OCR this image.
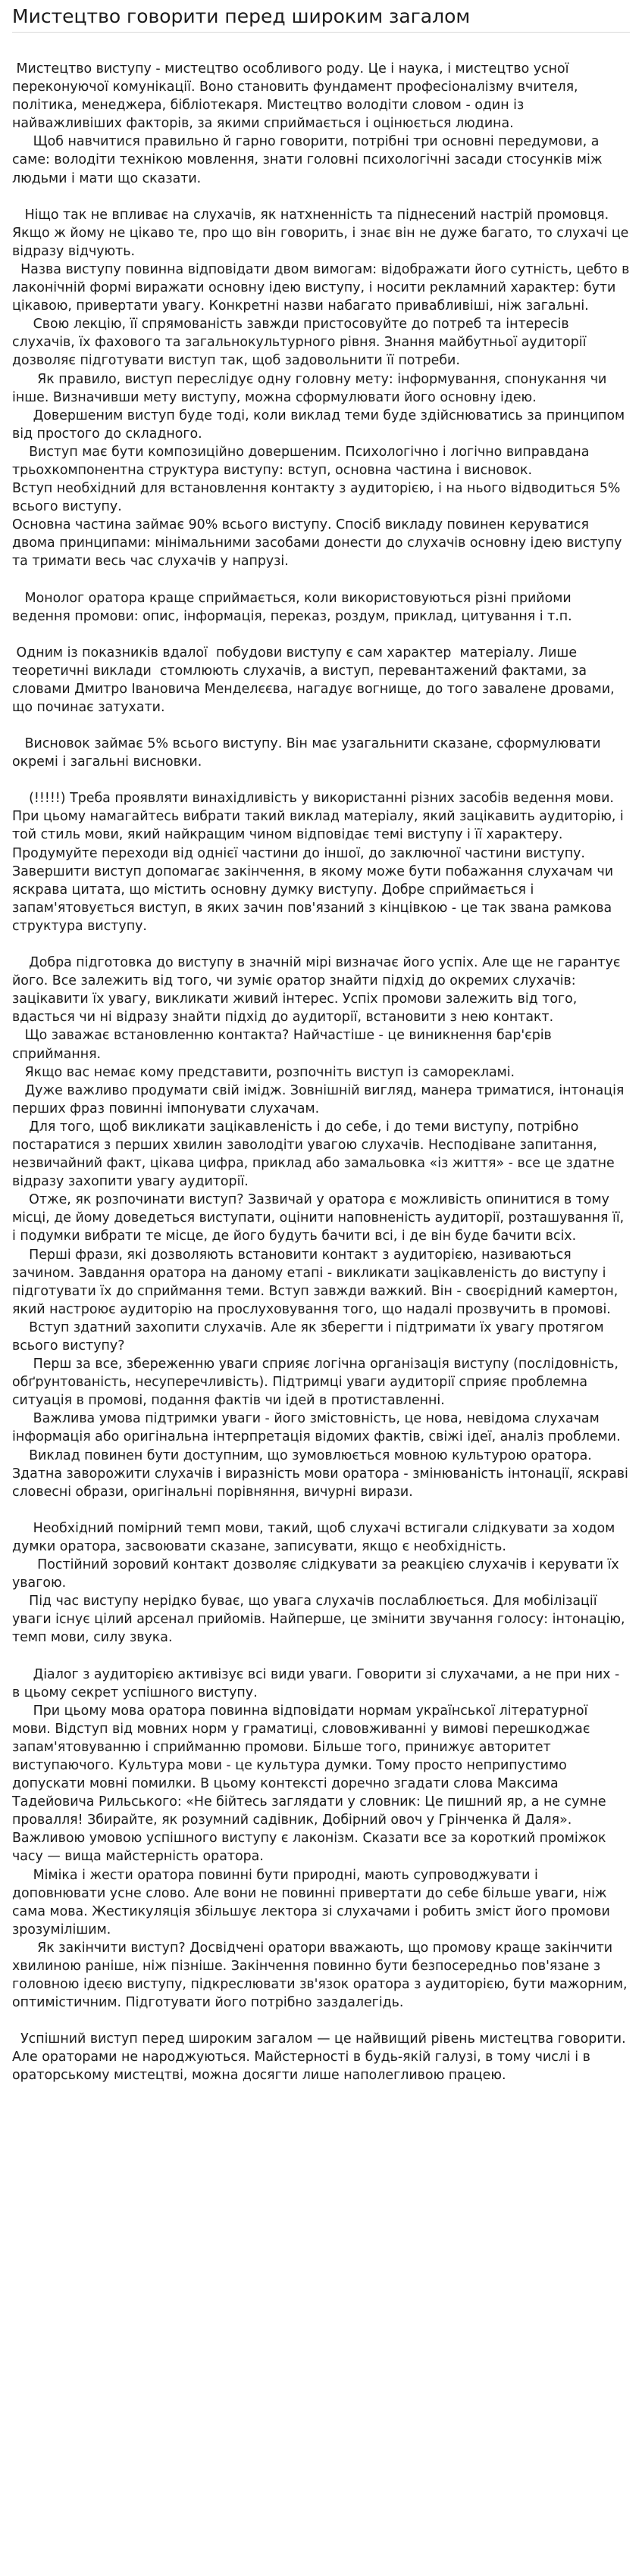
Мистецтво говорити перед широким загалом

Мистецтво виступу - мистецтво особливого роду. Це і наука, і мистецтво усної переконуючої комунікації. Воно становить фундамент професіоналізму вчителя, політика, менеджера, бібліотекаря. Мистецтво володіти словом - один із найважливіших факторів, за якими сприймається і оцінюється людина.

Щоб навчитися правильно й гарно говорити, потрібні три основні передумови, а саме: володіти технікою мовлення, знати головні психологічні засади стосунків між людьми і мати що сказати.

Ніщо так не впливає на слухачів, як натхненність та піднесений настрій промовця. Якщо ж йому не цікаво те, про що він говорить, і знає він не дуже багато, то слухачі це відразу відчують.

Назва виступу повинна відповідати двом вимогам: відображати його сутність, цебто в лаконічній формі виражати основну ідею виступу, і носити рекламний характер: бути цікавою, привертати увагу. Конкретні назви набагато привабливіші, ніж загальні.

Свою лекцію, її спрямованість завжди пристосовуйте до потреб та інтересів слухачів, їх фахового та загальнокультурного рівня. Знання майбутньої аудиторії дозволяє підготувати виступ так, щоб задовольнити її потреби.

Як правило, виступ переслідує одну головну мету: інформування, спонукання чи інше. Визначивши мету виступу, можна сформулювати його основну ідею.

Довершеним виступ буде тоді, коли виклад теми буде здійснюватись за принципом від простого до складного.

Виступ має бути композиційно довершеним. Психологічно і логічно виправдана трьохкомпонентна структура виступу: вступ, основна частина і висновок.

Вступ необхідний для встановлення контакту з аудиторією, і на нього відводиться 5% всього виступу.

Основна частина займає 90% всього виступу. Спосіб викладу повинен керуватися двома принципами: мінімальними засобами донести до слухачів основну ідею виступу та тримати весь час слухачів у напрузі.

Монолог оратора краще сприймається, коли використовуються різні прийоми ведення промови: опис, інформація, переказ, роздум, приклад, цитування і т.п.

Одним із показників вдалої  побудови виступу є сам характер  матеріалу. Лише теоретичні виклади  стомлюють слухачів, а виступ, перевантажений фактами, за словами Дмитро Івановича Менделєєва, нагадує вогнище, до того завалене дровами, що починає затухати.

Висновок займає 5% всього виступу. Він має узагальнити сказане, сформулювати окремі і загальні висновки.

(!!!!!) Треба проявляти винахідливість у використанні різних засобів ведення мови. При цьому намагайтесь вибрати такий виклад матеріалу, який зацікавить аудиторію, і той стиль мови, який найкращим чином відповідає темі виступу і її характеру. Продумуйте переходи від однієї частини до іншої, до заключної частини виступу. Завершити виступ допомагає закінчення, в якому може бути побажання слухачам чи яскрава цитата, що містить основну думку виступу. Добре сприймається і запам'ятовується виступ, в якиx зачин пов'язаний з кінцівкою - це так звана рамкова структура виступу.

Добра підготовка до виступу в значній мірі визначає його успіх. Але ще не гарантує його. Все залежить від того, чи зуміє оратор знайти підхід до окремих слухачів: зацікавити їх увагу, викликати живий інтерес. Успіх промови залежить від того, вдасться чи ні відразу знайти підхід до аудиторії, встановити з нею контакт.

Що заважає встановленню контакта? Найчастіше - це виникнення бар'єрів сприймання.

Якщо вас немає кому представити, розпочніть виступ із саморекламі.

Дуже важливо продумати свій імідж. Зовнішній вигляд, манера триматися, інтонація перших фраз повинні імпонувати слухачам.

Для того, щоб викликати зацікавленість і до себе, і до теми виступу, потрібно постаратися з перших хвилин заволодіти увагою слухачів. Несподіване запитання, незвичайний факт, цікава цифра, приклад або замальовка «із життя» - все це здатне відразу захопити увагу аудиторії.

Отже, як розпочинати виступ? Зазвичай у оратора є можливість опинитися в тому місці, де йому доведеться виступати, оцінити наповненість аудиторії, розташування її, і подумки вибрати те місце, де його будуть бачити всі, і де він буде бачити всіх.

Перші фрази, які дозволяють встановити контакт з аудиторією, називаються зачином. Завдання оратора на даному етапі - викликати зацікавленість до виступу і підготувати їх до сприймання теми. Вступ завжди важкий. Він - своєрідний камертон, який настроює аудиторію на прослуховування того, що надалі прозвучить в промові.

Вступ здатний захопити слухачів. Але як зберегти і підтримати їх увагу протягом всього виступу?

Перш за все, збереженню уваги сприяє логічна організація виступу (послідовність, обґрунтованість, несуперечливість). Підтримці уваги аудиторії сприяє проблемна ситуація в промові, подання фактів чи ідей в протиставленні.

Важлива умова підтримки уваги - його змістовність, це нова, невідома слухачам інформація або оригінальна інтерпретація відомих фактів, свіжі ідеї, аналіз проблеми.

Виклад повинен бути доступним, що зумовлюється мовною культурою оратора.

Здатна заворожити слухачів і виразність мови оратора - змінюваність інтонації, яскраві словесні образи, оригінальні порівняння, вичурні вирази.

Необхідний помірний темп мови, такий, щоб слухачі встигали слідкувати за ходом думки оратора, засвоювати сказане, записувати, якщо є необхідність.

Постійний зоровий контакт дозволяє слідкувати за реакцією слухачів і керувати їх увагою.

Під час виступу нерідко буває, що увага слухачів послаблюється. Для мобілізації уваги існує цілий арсенал прийомів. Найперше, це змінити звучання голосу: інтонацію, темп мови, силу звука.

Діалог з аудиторією активізує всі види уваги. Говорити зі слухачами, а не при них - в цьому секрет успішного виступу.

При цьому мова оратора повинна відповідати нормам української літературної мови. Відступ від мовних норм у граматиці, слововживанні у вимові перешкоджає запам'ятовуванню і сприйманню промови. Більше того, принижує авторитет виступаючого. Культура мови - це культура думки. Тому просто неприпустимо допускати мовні помилки. В цьому контексті доречно згадати слова Максима Тадейовича Рильського: «Не бійтесь заглядати у словник: Це пишний яр, а не сумне провалля! Збирайте, як розумний садівник, Добірний овоч у Грінченка й Даля». Важливою умовою успішного виступу є лаконізм. Сказати все за короткий проміжок часу — вища майстерність оратора.

Міміка і жести оратора повинні бути природні, мають супроводжувати і доповнювати усне слово. Але вони не повинні привертати до себе більше уваги, ніж сама мова. Жестикуляція збільшує лектора зі слухачами і робить зміст його промови зрозумілішим.

Як закінчити виступ? Досвідчені оратори вважають, що промову краще закінчити хвилиною раніше, ніж пізніше. Закінчення повинно бути безпосередньо пов'язане з головною ідеєю виступу, підкреслювати зв'язок оратора з аудиторією, бути мажорним, оптимістичним. Підготувати його потрібно заздалегідь.

Успішний виступ перед широким загалом — це найвищий рівень мистецтва говорити. Але ораторами не народжуються. Майстерності в будь-якій галузі, в тому числі і в ораторському мистецтві, можна досягти лише наполегливою працею.
